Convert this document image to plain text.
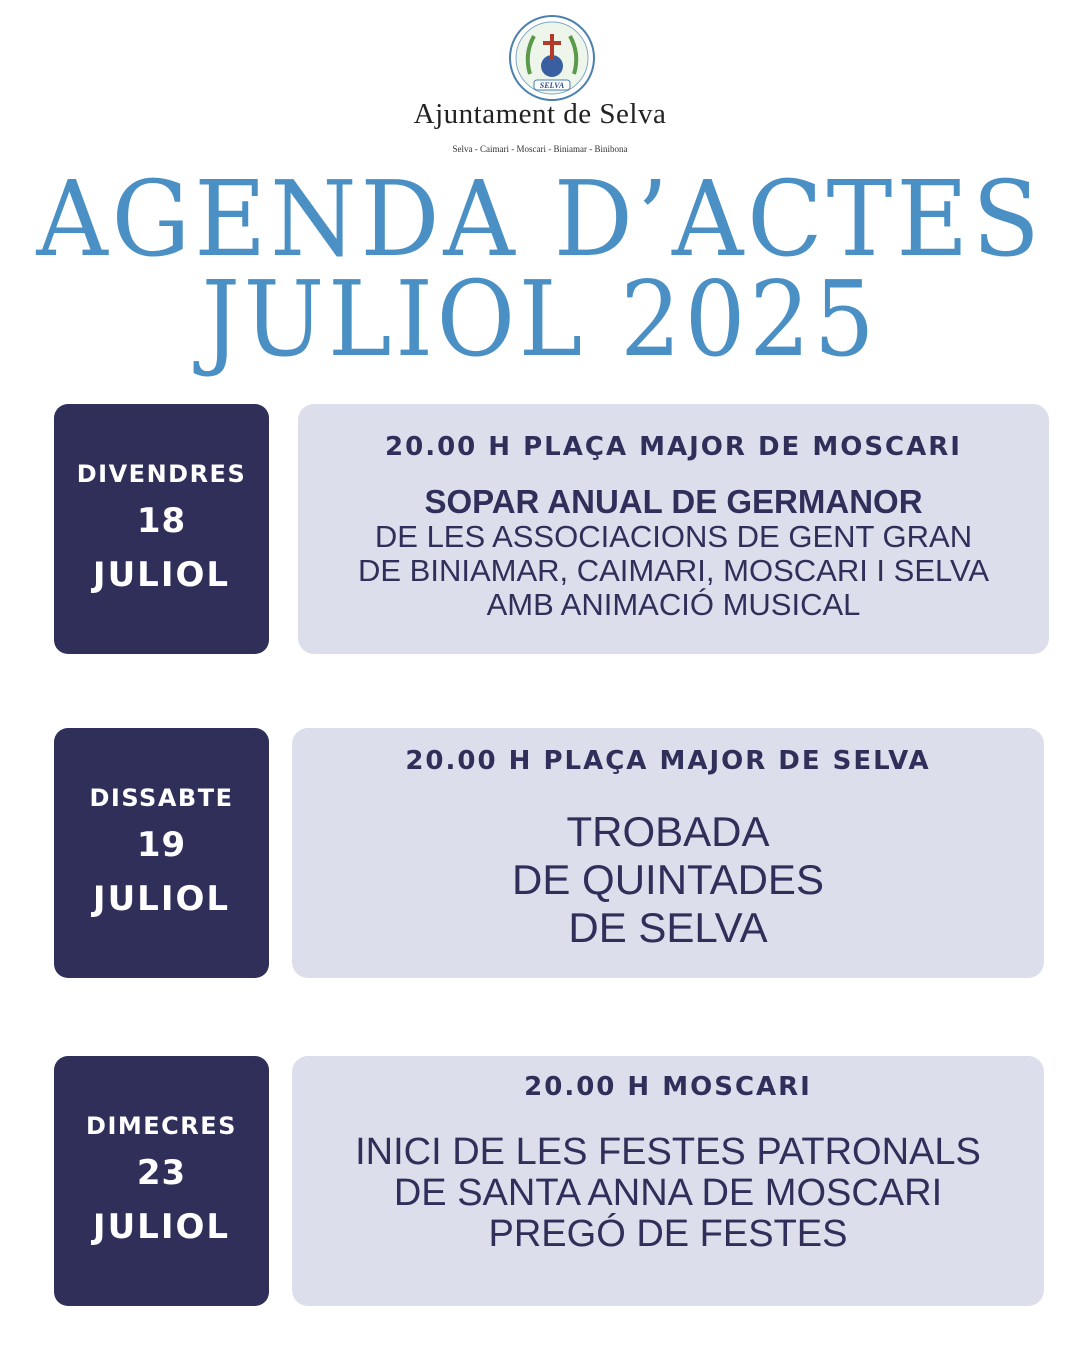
SELVA
Ajuntament de Selva
Selva - Caimari - Moscari - Biniamar - Binibona
AGENDA D’ACTES
JULIOL 2025
DIVENDRES
18
JULIOL
20.00 H PLAÇA MAJOR DE MOSCARI
SOPAR ANUAL DE GERMANOR
DE LES ASSOCIACIONS DE GENT GRAN
DE BINIAMAR, CAIMARI, MOSCARI I SELVA
AMB ANIMACIÓ MUSICAL
DISSABTE
19
JULIOL
20.00 H PLAÇA MAJOR DE SELVA
TROBADA
DE QUINTADES
DE SELVA
DIMECRES
23
JULIOL
20.00 H MOSCARI
INICI DE LES FESTES PATRONALS
DE SANTA ANNA DE MOSCARI
PREGÓ DE FESTES
